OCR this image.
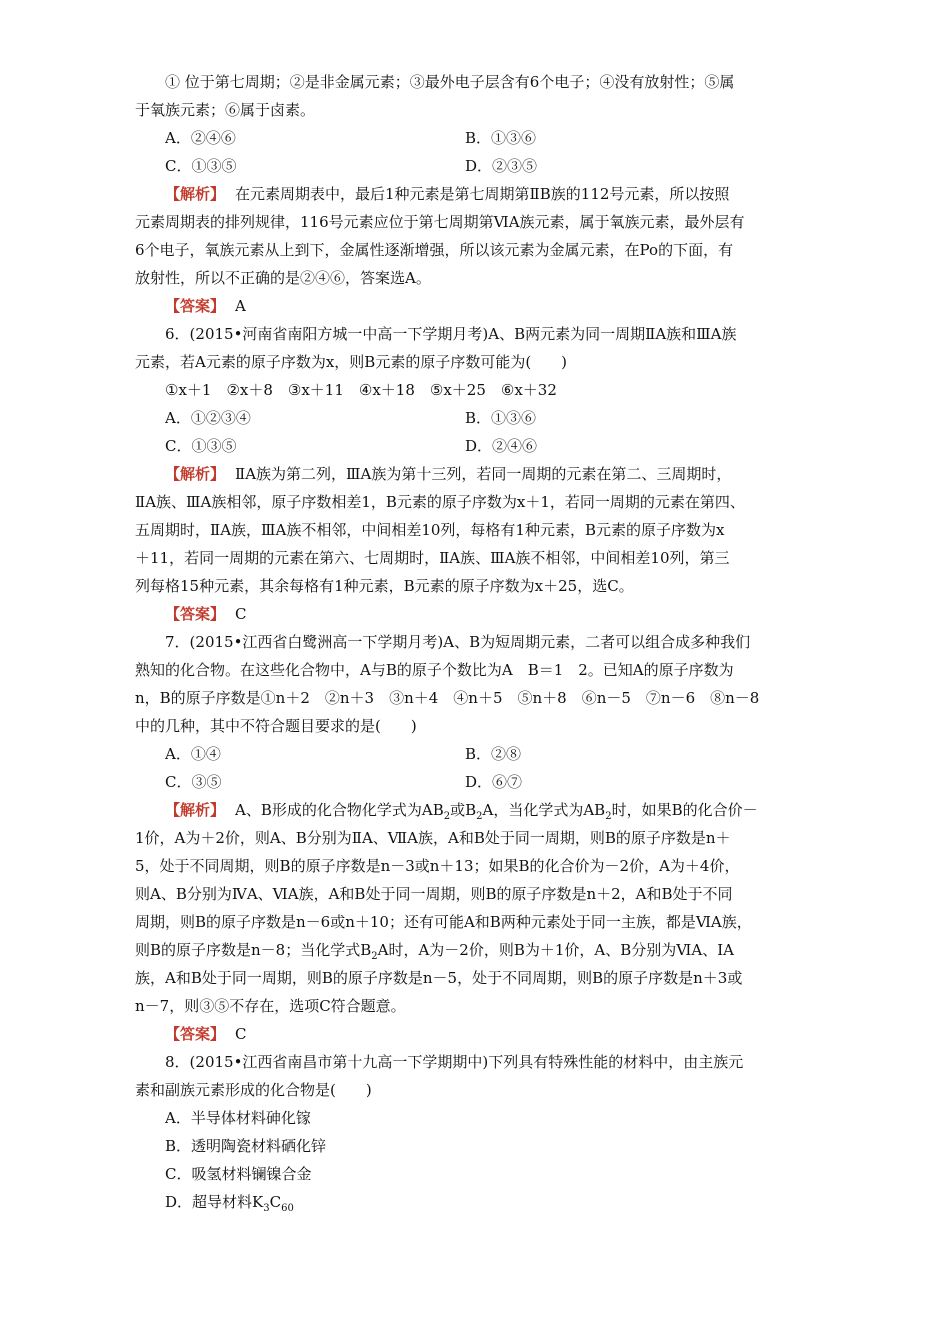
① 位于第七周期；②是非金属元素；③最外电子层含有6个电子；④没有放射性；⑤属
于氧族元素；⑥属于卤素。
A．②④⑥	B．①③⑥
C．①③⑤	D．②③⑤
【解析】 在元素周期表中，最后1种元素是第七周期第ⅡB族的112号元素，所以按照
元素周期表的排列规律，116号元素应位于第七周期第ⅥA族元素，属于氧族元素，最外层有
6个电子，氧族元素从上到下，金属性逐渐增强，所以该元素为金属元素，在Po的下面，有
放射性，所以不正确的是②④⑥，答案选A。
【答案】 A
6．(2015•河南省南阳方城一中高一下学期月考)A、B两元素为同一周期ⅡA族和ⅢA族
元素，若A元素的原子序数为x，则B元素的原子序数可能为(　　)
①x＋1　②x＋8　③x＋11　④x＋18　⑤x＋25　⑥x＋32
A．①②③④	B．①③⑥
C．①③⑤	D．②④⑥
【解析】 ⅡA族为第二列，ⅢA族为第十三列，若同一周期的元素在第二、三周期时，
ⅡA族、ⅢA族相邻，原子序数相差1，B元素的原子序数为x＋1，若同一周期的元素在第四、
五周期时，ⅡA族，ⅢA族不相邻，中间相差10列，每格有1种元素，B元素的原子序数为x
＋11，若同一周期的元素在第六、七周期时，ⅡA族、ⅢA族不相邻，中间相差10列，第三
列每格15种元素，其余每格有1种元素，B元素的原子序数为x＋25，选C。
【答案】 C
7．(2015•江西省白鹭洲高一下学期月考)A、B为短周期元素，二者可以组合成多种我们
熟知的化合物。在这些化合物中，A与B的原子个数比为A　B＝1　2。已知A的原子序数为
n，B的原子序数是①n＋2　②n＋3　③n＋4　④n＋5　⑤n＋8　⑥n－5　⑦n－6　⑧n－8
中的几种，其中不符合题目要求的是(　　)
A．①④	B．②⑧
C．③⑤	D．⑥⑦
【解析】 A、B形成的化合物化学式为$AB_2$或$B_2A$，当化学式为$AB_2$时，如果B的化合价－
1价，A为＋2价，则A、B分别为ⅡA、ⅦA族，A和B处于同一周期，则B的原子序数是n＋
5，处于不同周期，则B的原子序数是n－3或n＋13；如果B的化合价为－2价，A为＋4价，
则A、B分别为ⅣA、ⅥA族，A和B处于同一周期，则B的原子序数是n＋2，A和B处于不同
周期，则B的原子序数是n－6或n＋10；还有可能A和B两种元素处于同一主族，都是ⅥA族，
则B的原子序数是n－8；当化学式$B_2A$时，A为－2价，则B为＋1价，A、B分别为ⅥA、ⅠA
族，A和B处于同一周期，则B的原子序数是n－5，处于不同周期，则B的原子序数是n＋3或
n－7，则③⑤不存在，选项C符合题意。
【答案】 C
8．(2015•江西省南昌市第十九高一下学期期中)下列具有特殊性能的材料中，由主族元
素和副族元素形成的化合物是(　　)
A．半导体材料砷化镓
B．透明陶瓷材料硒化锌
C．吸氢材料镧镍合金
D．超导材料$K_3C_{60}$
